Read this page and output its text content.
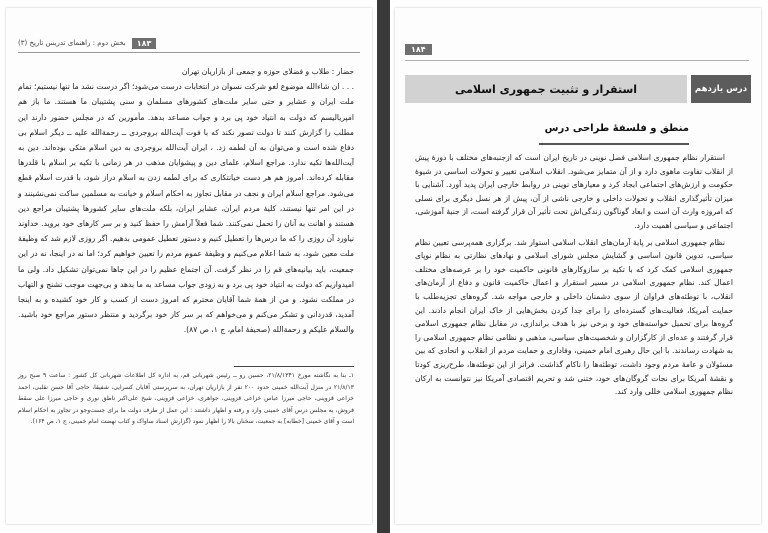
۱۸۳
بخش دوم : راهنمای تدریس تاریخ (۳)

حضار : طلاب و فضلای حوزه و جمعی از بازاریان تهران

. . . ان شاءالله موضوع لغو شرکت نسوان در انتخابات درست می‌شود؛ اگر درست نشد ما تنها نیستیم؛ تمام ملت ایران و عشایر و حتی سایر ملت‌های کشورهای مسلمان و سنی پشتیبان ما هستند. ما باز هم امپریالیسم که دولت به انتیاد خود پی برد و جواب مساعد بدهد. مأمورین که در مجلس حضور دارند این مطلب را گزارش کنند تا دولت تصور نکند که با فوت آیت‌الله بروجردی ــ رحمةالله علیه ــ دیگر اسلام بی دفاع شده است و می‌توان به آن لطمه زد. ، ایران آیت‌الله بروجردی به دین اسلام متکی بوده‌اند. دین به آیت‌الله‌ها تکیه ندارد. مراجع اسلام، علمای دین و پیشوایان مذهب در هر زمانی با تکیه بر اسلام با قلدرها مقابله کرده‌اند. امروز هم هر دست خیانتکاری که برای لطمه زدن به اسلام دراز شود، با قدرت اسلام قطع می‌شود. مراجع اسلام ایران و نجف در مقابل تجاوز به احکام اسلام و خیانت به مسلمین ساکت نمی‌نشینند و در این امر تنها نیستند، کلیهٔ مردم ایران، عشایر ایران، بلکه ملت‌های سایر کشورها پشتیبان مراجع دین هستند و اهانت به آنان را تحمل نمی‌کنند. شما فعلاً آرامش را حفظ کنید و بر سر کارهای خود بروید. خداوند نیاورد آن روزی را که ما درس‌ها را تعطیل کنیم و دستور تعطیل عمومی بدهیم. اگر روزی لازم شد که وظیفهٔ ملت معین شود، به شما اعلام می‌کنیم و وظیفهٔ عموم مردم را تعیین خواهیم کرد؛ اما نه در اینجا، نه در این جمعیت، باید بیانیه‌های قم را در نظر گرفت. آن اجتماع عظیم را در این جاها نمی‌توان تشکیل داد. ولی ما امیدواریم که دولت به انتیاد خود پی برد و به زودی جواب مساعد به ما بدهد و بی‌جهت موجب تشنج و التهاب در مملکت نشود. و من از همهٔ شما آقایان محترم که امروز دست از کسب و کار خود کشیده و به اینجا آمدید، قدردانی و تشکر می‌کنم و می‌خواهم که بر سر کار خود برگردید و منتظر دستور مراجع خود باشید. والسلام علیکم و رحمة‌الله (صحیفهٔ امام، ج ۱، ص ۸۷).

۱ـ بنا به نگاشته مورخ ۲۱/۸/۱۳۴۱، حسین رو ــ رئیس شهربانی قم، به اداره کل اطلاعات شهربانی کل کشور : ساعت ۹ صبح روز ۲۱/۸/۱۳ در منزل آیت‌الله خمینی حدود ۲۰۰ نفر از بازاریان تهران، به سرپرستی آقایان کسرایی، شفیقا، حاجی آقا حسن نقلبی، احمد خزاعی قزوینی، حاجی میرزا عباس خزاعی قزوینی، جواهری، خزاعی قزوینی، شیخ علی‌اکبر ناطق نوری و حاجی میرزا علی سقط فروش، به مجلس درس آقای خمینی وارد و رفته و اظهار داشتند : این عمل از طرف دولت ما برای جست‌وجو در تجاوز به احکام اسلام است و آقای خمینی [خطابه] به جمعیت، سخنان بالا را اظهار نمود (گزارش اسناد ساواک و کتاب نهضت امام خمینی، ج ۱، ص ۱۶۴).

۱۸۴
درس یازدهم
استقرار و تثبیت جمهوری اسلامی
منطق و فلسفهٔ طراحی درس

استقرار نظام جمهوری اسلامی فصل نوینی در تاریخ ایران است که ازجنبه‌های مختلف با دورهٔ پیش از انقلاب تفاوت ماهوی دارد و از آن متمایز می‌شود. انقلاب اسلامی تغییر و تحولات اساسی در شیوهٔ حکومت و ارزش‌های اجتماعی ایجاد کرد و معیارهای نوینی در روابط خارجی ایران پدید آورد. آشنایی با میزان تأثیرگذاری انقلاب و تحولات داخلی و خارجی ناشی از آن، پیش از هر نسل دیگری برای نسلی که امروزه وارث آن است و ابعاد گوناگون زندگی‌اش تحت تأثیر آن قرار گرفته است، از جنبهٔ آموزشی، اجتماعی و سیاسی اهمیت دارد.

نظام جمهوری اسلامی بر پایهٔ آرمان‌های انقلاب اسلامی استوار شد. برگزاری همه‌پرسی تعیین نظام سیاسی، تدوین قانون اساسی و گشایش مجلس شورای اسلامی و نهادهای نظارتی به نظام نوپای جمهوری اسلامی کمک کرد که با تکیه بر سازوکارهای قانونی حاکمیت خود را بر عرصه‌های مختلف اعمال کند. نظام جمهوری اسلامی در مسیر استقرار و اعمال حاکمیت قانون و دفاع از آرمان‌های انقلاب، با توطئه‌های فراوان از سوی دشمنان داخلی و خارجی مواجه شد. گروه‌های تجزیه‌طلب با حمایت آمریکا، فعالیت‌های گسترده‌ای را برای جدا کردن بخش‌هایی از خاک ایران انجام دادند. این گروه‌ها برای تحمیل خواسته‌های خود و برخی نیز با هدف براندازی، در مقابل نظام جمهوری اسلامی قرار گرفتند و عده‌ای از کارگزاران و شخصیت‌های سیاسی، مذهبی و نظامی نظام جمهوری اسلامی را به شهادت رساندند. با این حال رهبری امام خمینی، وفاداری و حمایت مردم از انقلاب و اتحادی که بین مسئولان و عامهٔ مردم وجود داشت، توطئه‌ها را ناکام گذاشت. فراتر از این توطئه‌ها، طرح‌ریزی کودتا و نقشهٔ آمریکا برای نجات گروگان‌های خود، ختنی شد و تحریم اقتصادی آمریکا نیز نتوانست به ارکان نظام جمهوری اسلامی خللی وارد کند.
